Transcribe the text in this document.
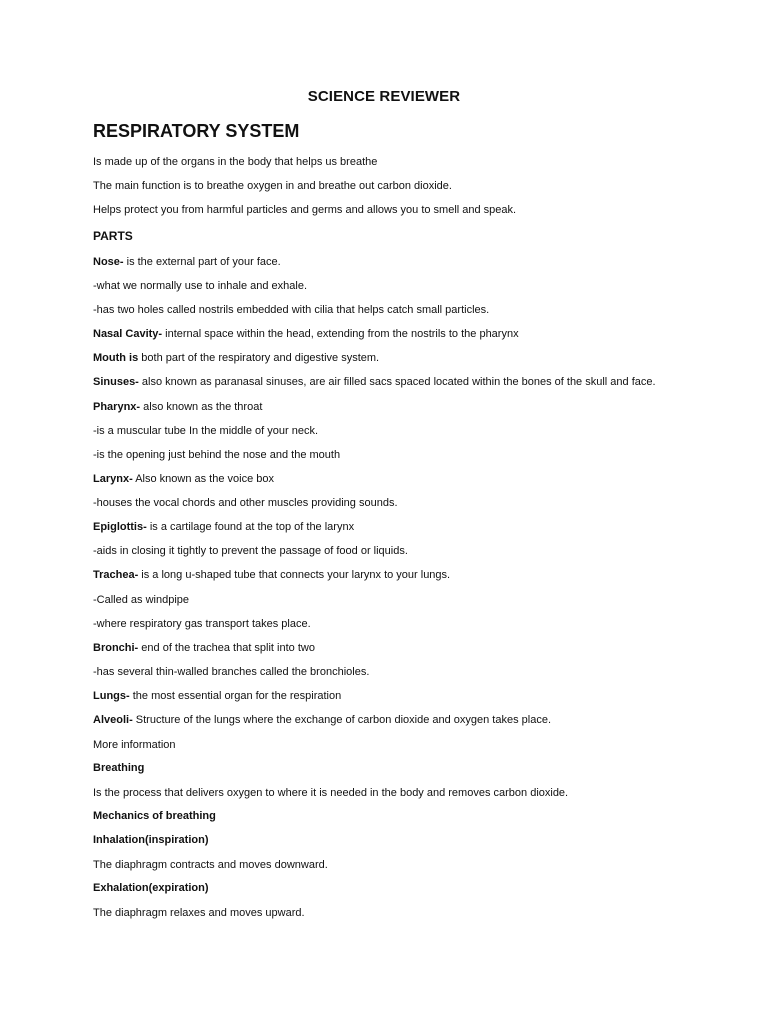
SCIENCE REVIEWER
RESPIRATORY SYSTEM
Is made up of the organs in the body that helps us breathe
The main function is to breathe oxygen in and breathe out carbon dioxide.
Helps protect you from harmful particles and germs and allows you to smell and speak.
PARTS
Nose- is the external part of your face.
-what we normally use to inhale and exhale.
-has two holes called nostrils embedded with cilia that helps catch small particles.
Nasal Cavity- internal space within the head, extending from the nostrils to the pharynx
Mouth is both part of the respiratory and digestive system.
Sinuses- also known as paranasal sinuses, are air filled sacs spaced located within the bones of the skull and face.
Pharynx- also known as the throat
-is a muscular tube In the middle of your neck.
-is the opening just behind the nose and the mouth
Larynx- Also known as the voice box
-houses the vocal chords and other muscles providing sounds.
Epiglottis- is a cartilage found at the top of the larynx
-aids in closing it tightly to prevent the passage of food or liquids.
Trachea- is a long u-shaped tube that connects your larynx to your lungs.
-Called as windpipe
-where respiratory gas transport takes place.
Bronchi- end of the trachea that split into two
-has several thin-walled branches called the bronchioles.
Lungs- the most essential organ for the respiration
Alveoli- Structure of the lungs where the exchange of carbon dioxide and oxygen takes place.
More information
Breathing
Is the process that delivers oxygen to where it is needed in the body and removes carbon dioxide.
Mechanics of breathing
Inhalation(inspiration)
The diaphragm contracts and moves downward.
Exhalation(expiration)
The diaphragm relaxes and moves upward.
